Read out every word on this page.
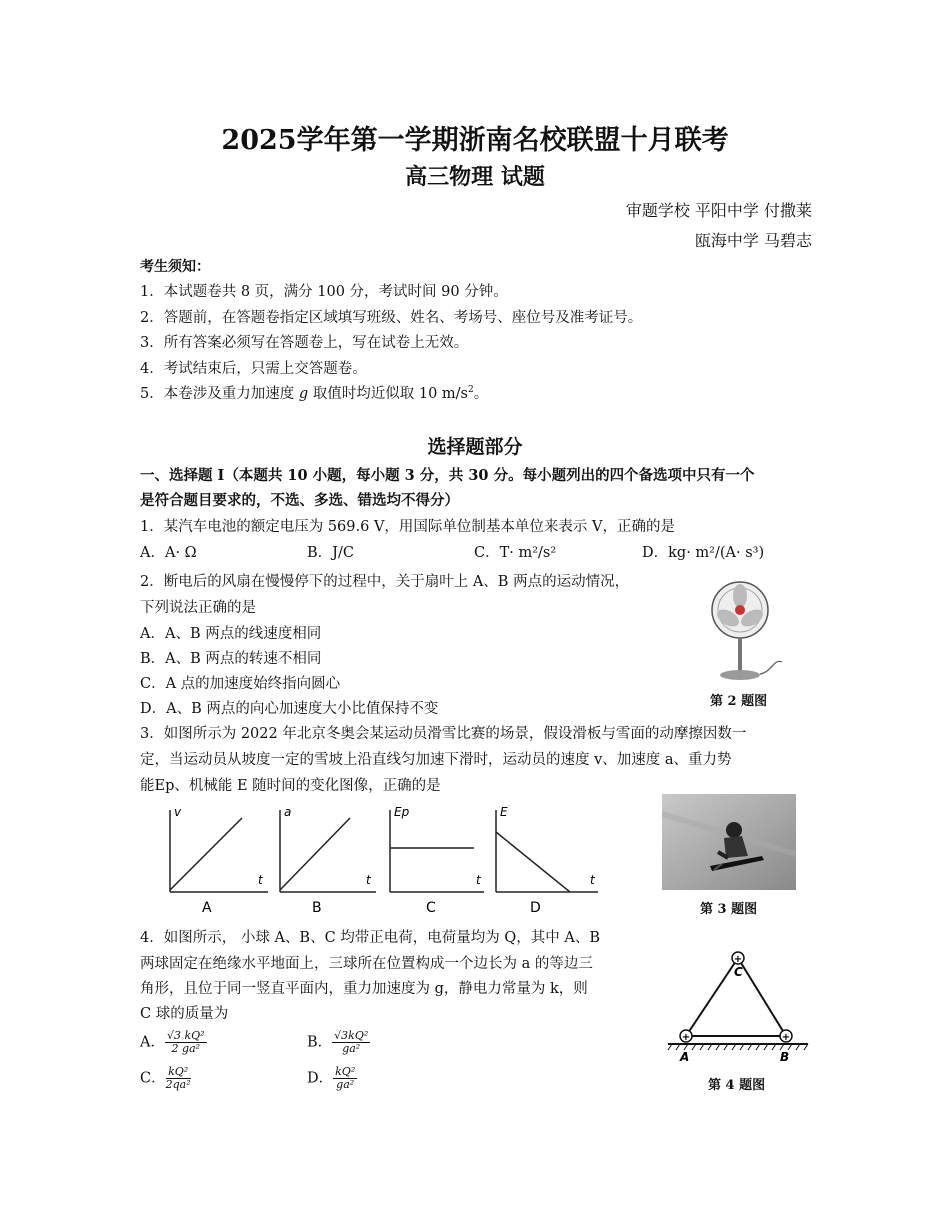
2025学年第一学期浙南名校联盟十月联考
高三物理 试题
审题学校 平阳中学 付撒莱
瓯海中学 马碧志
考生须知：
1．本试题卷共 8 页，满分 100 分，考试时间 90 分钟。
2．答题前，在答题卷指定区域填写班级、姓名、考场号、座位号及准考证号。
3．所有答案必须写在答题卷上，写在试卷上无效。
4．考试结束后，只需上交答题卷。
5．本卷涉及重力加速度 g 取值时均近似取 10 $m/s^2$。
选择题部分
一、选择题 I（本题共 10 小题，每小题 3 分，共 30 分。每小题列出的四个备选项中只有一个
是符合题目要求的，不选、多选、错选均不得分）
1．某汽车电池的额定电压为 569.6 V，用国际单位制基本单位来表示 V，正确的是
A．A· Ω	B．J/C	C．T· m²/s²	D．kg· m²/(A· s³)
2．断电后的风扇在慢慢停下的过程中，关于扇叶上 A、B 两点的运动情况，
下列说法正确的是
A．A、B 两点的线速度相同
B．A、B 两点的转速不相同
C．A 点的加速度始终指向圆心
D．A、B 两点的向心加速度大小比值保持不变	第 2 题图
3．如图所示为 2022 年北京冬奥会某运动员滑雪比赛的场景，假设滑板与雪面的动摩擦因数一
定，当运动员从坡度一定的雪坡上沿直线匀加速下滑时，运动员的速度 v、加速度 a、重力势
能Ep、机械能 E 随时间的变化图像，正确的是
v
t
A
a
t
B
Ep
t
C
E
t
D	第 3 题图
4．如图所示， 小球 A、B、C 均带正电荷，电荷量均为 Q，其中 A、B
两球固定在绝缘水平地面上，三球所在位置构成一个边长为 a 的等边三
角形，且位于同一竖直平面内，重力加速度为 g，静电力常量为 k，则
C 球的质量为
A． $\frac{\text{√3 kQ²}}{\text{2 ga²}}$	B． $\frac{\text{√3kQ²}}{\text{ga²}}$
C． $\frac{\text{kQ²}}{\text{2qa²}}$	D． $\frac{\text{kQ²}}{\text{ga²}}$
+
+	+
C
A	B
第 4 题图
